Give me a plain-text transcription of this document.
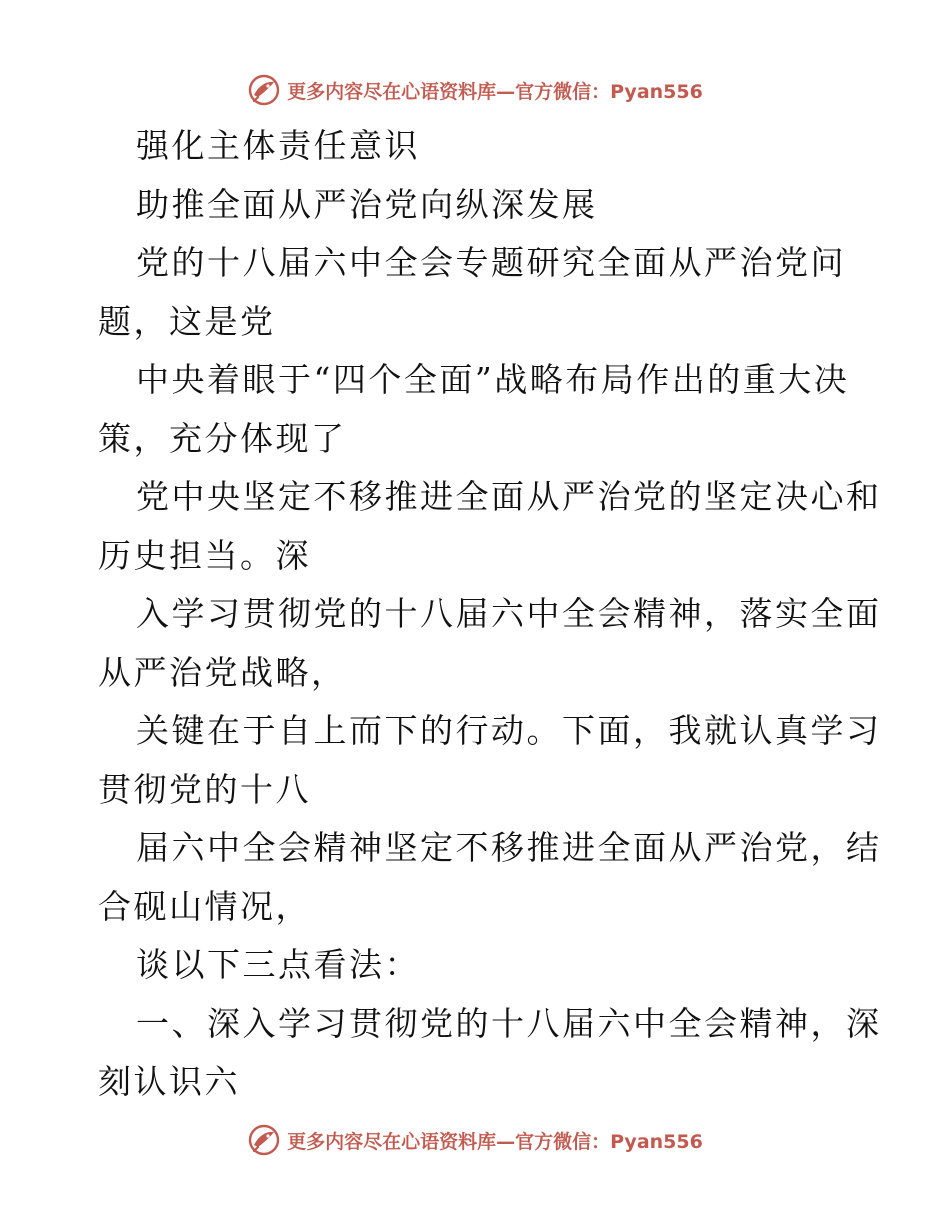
更多内容尽在心语资料库—官方微信：Pyan556
强化主体责任意识
助推全面从严治党向纵深发展
党的十八届六中全会专题研究全面从严治党问
题，这是党
中央着眼于“四个全面”战略布局作出的重大决
策，充分体现了
党中央坚定不移推进全面从严治党的坚定决心和
历史担当。深
入学习贯彻党的十八届六中全会精神，落实全面
从严治党战略，
关键在于自上而下的行动。下面，我就认真学习
贯彻党的十八
届六中全会精神坚定不移推进全面从严治党，结
合砚山情况，
谈以下三点看法：
一、深入学习贯彻党的十八届六中全会精神，深
刻认识六
更多内容尽在心语资料库—官方微信：Pyan556
